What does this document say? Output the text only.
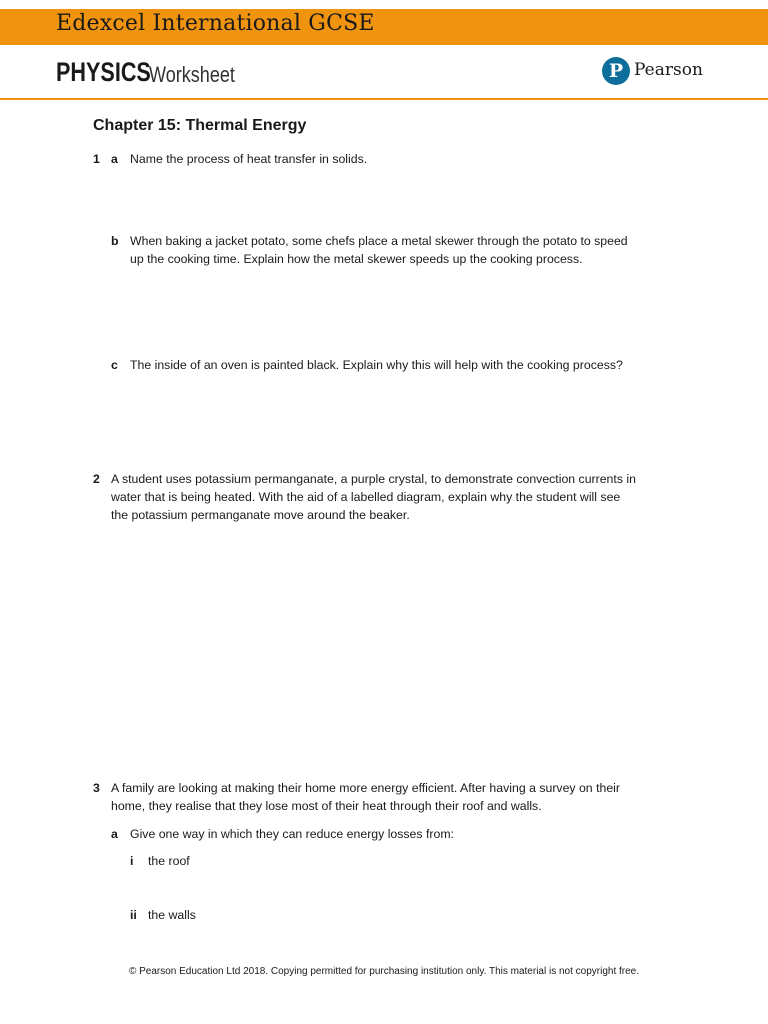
Edexcel International GCSE
PHYSICS
Worksheet	P Pearson
Chapter 15: Thermal Energy
1 a Name the process of heat transfer in solids.
b When baking a jacket potato, some chefs place a metal skewer through the potato to speed
up the cooking time. Explain how the metal skewer speeds up the cooking process.
c The inside of an oven is painted black. Explain why this will help with the cooking process?
2 A student uses potassium permanganate, a purple crystal, to demonstrate convection currents in
water that is being heated. With the aid of a labelled diagram, explain why the student will see
the potassium permanganate move around the beaker.
3 A family are looking at making their home more energy efficient. After having a survey on their
home, they realise that they lose most of their heat through their roof and walls.
a Give one way in which they can reduce energy losses from:
i the roof
ii the walls
© Pearson Education Ltd 2018. Copying permitted for purchasing institution only. This material is not copyright free.
